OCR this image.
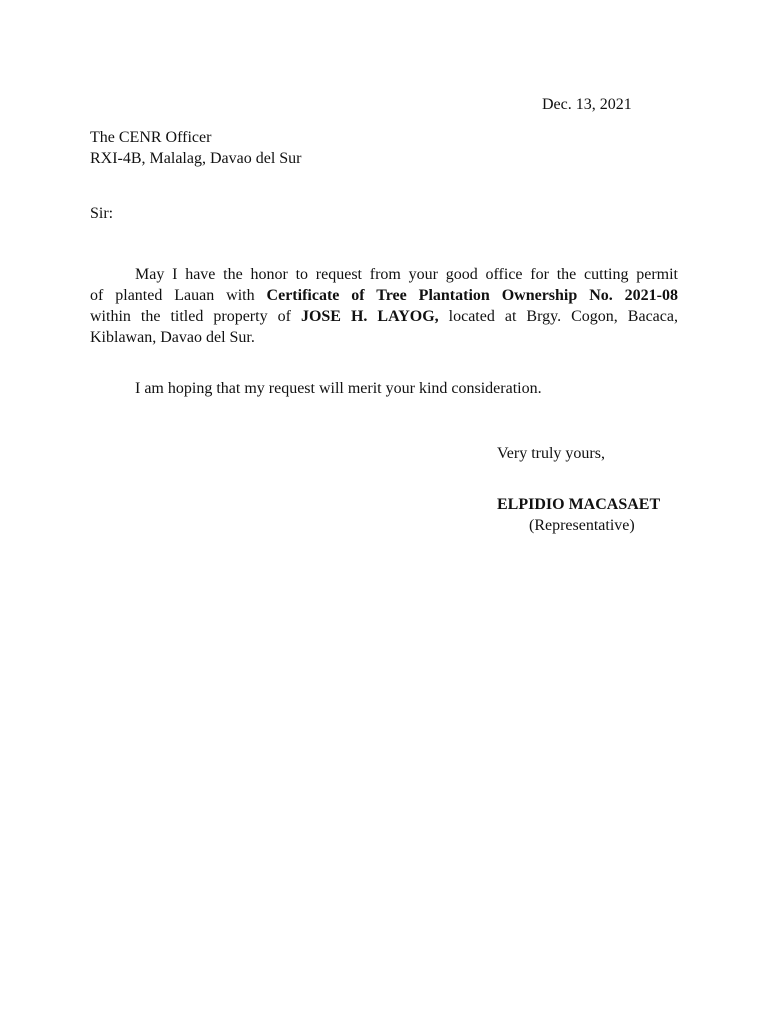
Dec. 13, 2021
The CENR Officer
RXI-4B, Malalag, Davao del Sur
Sir:
May I have the honor to request from your good office for the cutting permit
of planted Lauan with Certificate of Tree Plantation Ownership No. 2021-08
within the titled property of JOSE H. LAYOG, located at Brgy. Cogon, Bacaca,
Kiblawan, Davao del Sur.
I am hoping that my request will merit your kind consideration.
Very truly yours,
ELPIDIO MACASAET
(Representative)
